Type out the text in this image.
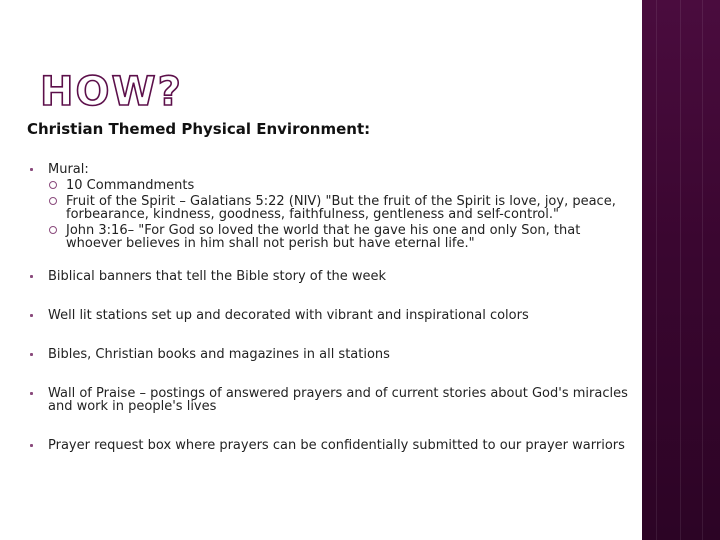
HOW?
Christian Themed Physical Environment:
Mural:
10 Commandments
Fruit of the Spirit – Galatians 5:22 (NIV) "But the fruit of the Spirit is love, joy, peace, forbearance, kindness, goodness, faithfulness, gentleness and self-control."
John 3:16– "For God so loved the world that he gave his one and only Son, that whoever believes in him shall not perish but have eternal life."
Biblical banners that tell the Bible story of the week
Well lit stations set up and decorated with vibrant and inspirational colors
Bibles, Christian books and magazines in all stations
Wall of Praise – postings of answered prayers and of current stories about God's miracles and work in people's lives
Prayer request box where prayers can be confidentially submitted to our prayer warriors
